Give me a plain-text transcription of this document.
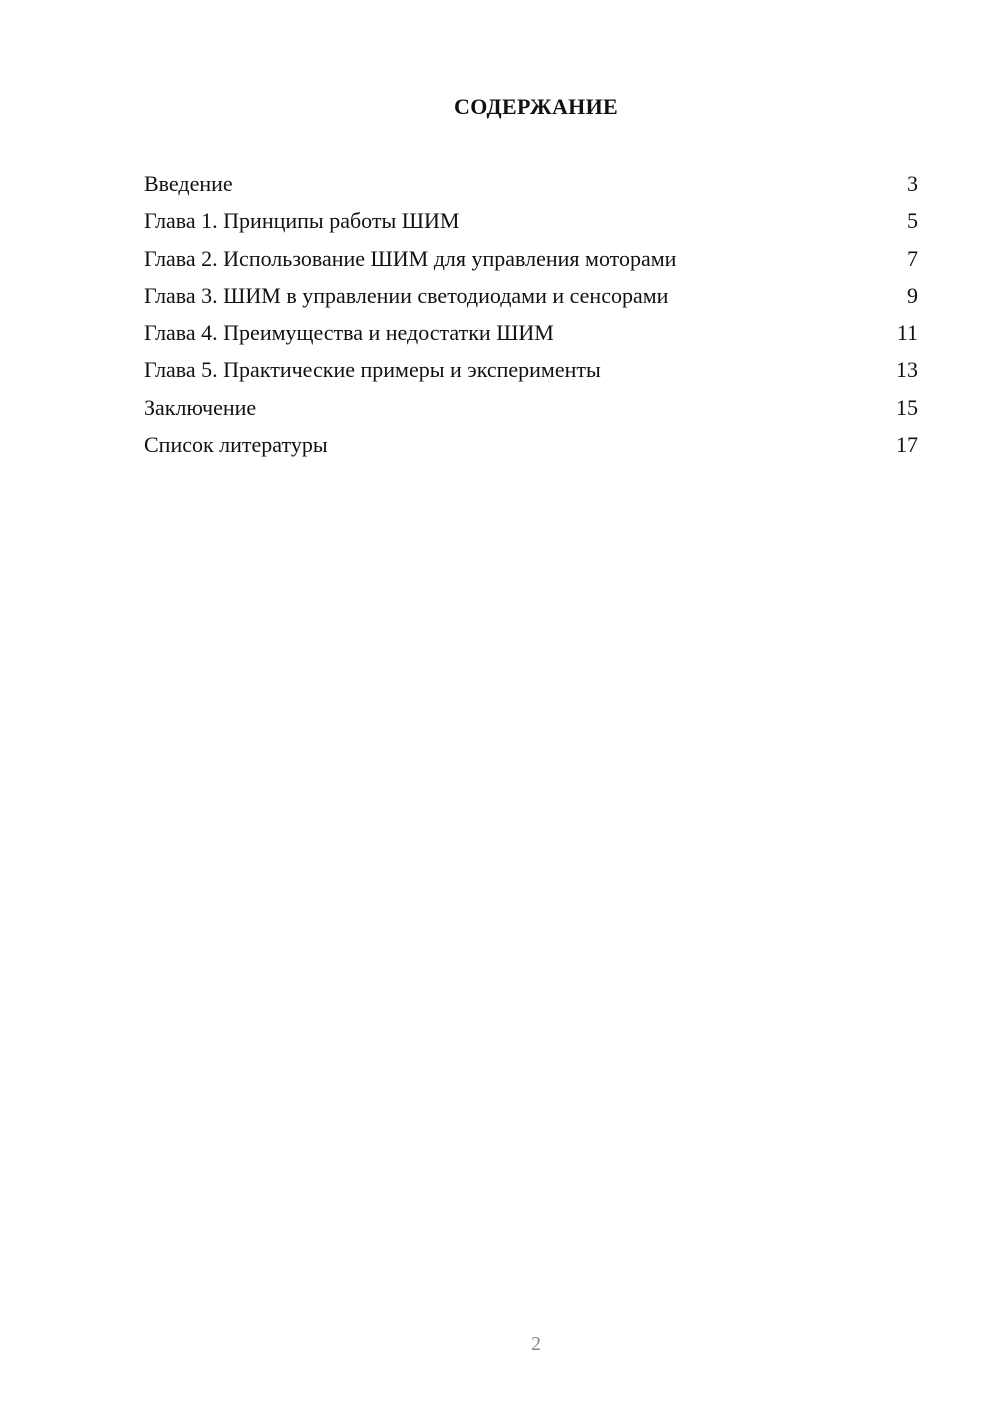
СОДЕРЖАНИЕ
Введение	3
Глава 1. Принципы работы ШИМ	5
Глава 2. Использование ШИМ для управления моторами	7
Глава 3. ШИМ в управлении светодиодами и сенсорами	9
Глава 4. Преимущества и недостатки ШИМ	11
Глава 5. Практические примеры и эксперименты	13
Заключение	15
Список литературы	17
2
